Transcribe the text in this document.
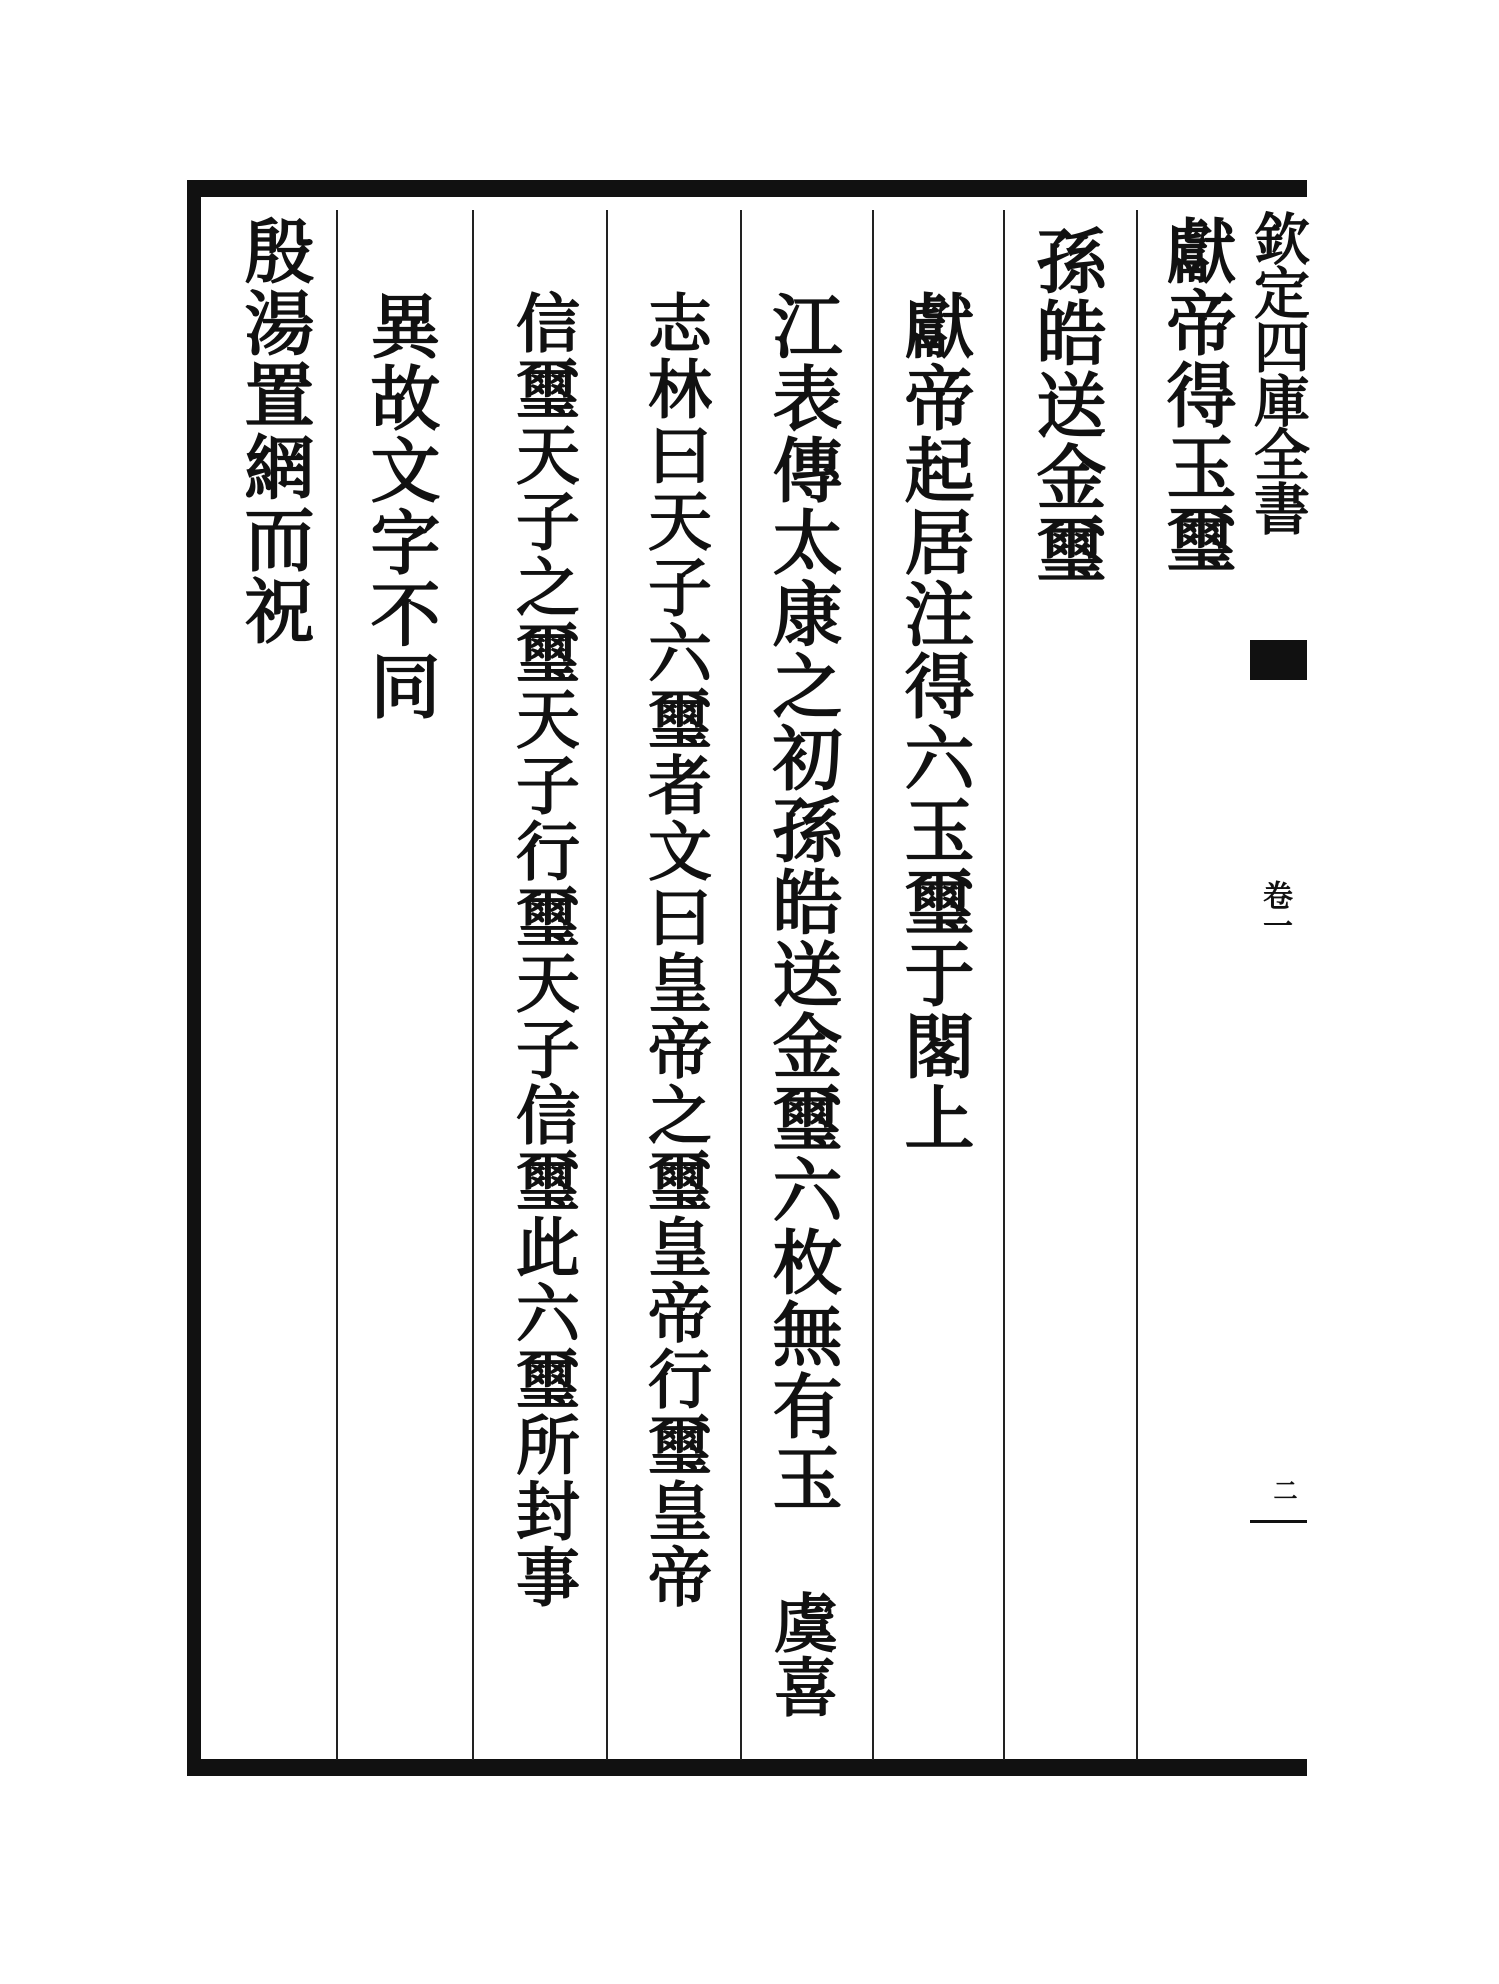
欽定四庫全書
卷一
二
獻帝得玉璽
孫皓送金璽
獻帝起居注得六玉璽于閣上
江表傳太康之初孫皓送金璽六枚無有玉
虞喜
志林曰天子六璽者文曰皇帝之璽皇帝行璽皇帝
信璽天子之璽天子行璽天子信璽此六璽所封事
異故文字不同
殷湯置網而祝
